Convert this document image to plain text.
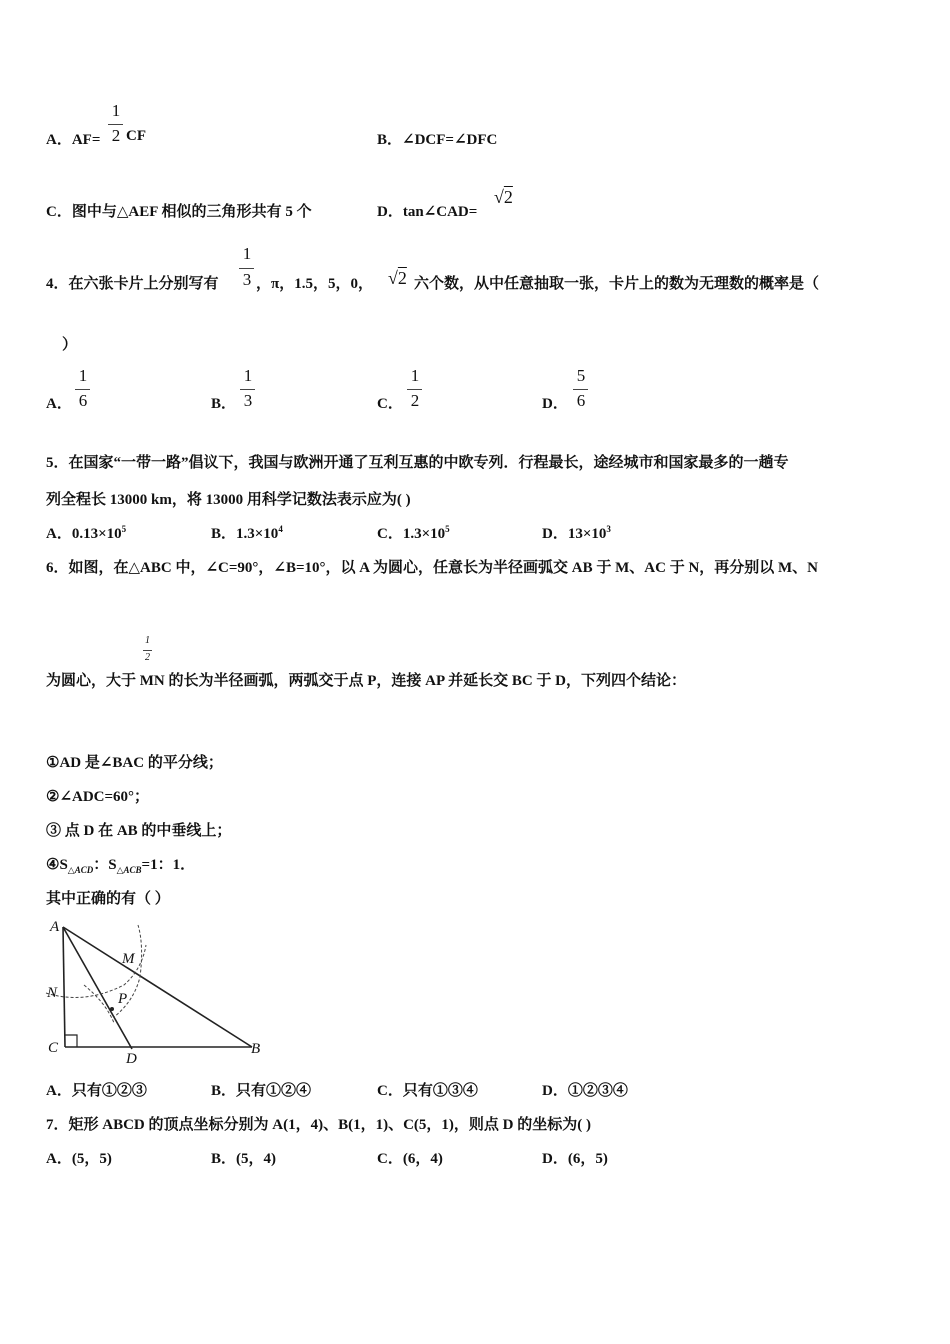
A．AF=
1
2 CF	B．∠DCF=∠DFC
C．图中与△AEF 相似的三角形共有 5 个	D．tan∠CAD=
√2
4．在六张卡片上分别写有
1
3 ，π，1.5，5，0， √2 六个数，从中任意抽取一张，卡片上的数为无理数的概率是（
）
A．
1
6	B．
1
3	C．
1
2	D．
5
6
5．在国家“一带一路”倡议下，我国与欧洲开通了互利互惠的中欧专列．行程最长，途经城市和国家最多的一趟专
列全程长 13000 km，将 13000 用科学记数法表示应为( )
A．$0.13\times 10^5$	B．$1.3\times 10^4$	C．$1.3\times 10^5$	D．$13\times 10^3$
6．如图，在△ABC 中，∠C=90°，∠B=10°，以 A 为圆心，任意长为半径画弧交 AB 于 M、AC 于 N，再分别以 M、N
1
2
为圆心，大于 MN 的长为半径画弧，两弧交于点 P，连接 AP 并延长交 BC 于 D，下列四个结论：
①AD 是∠BAC 的平分线；
②∠ADC=60°；
③ 点 D 在 AB 的中垂线上；
$④S_{\triangle ACD}$：$S_{\triangle ACB}=1$：1．
其中正确的有（ ）
A
C
D
B
M
N	P
A．只有①②③	B．只有①②④	C．只有①③④	D．①②③④
7．矩形 ABCD 的顶点坐标分别为 A(1，4)、B(1，1)、C(5，1)，则点 D 的坐标为( )
A．(5，5)	B．(5，4)	C．(6，4)	D．(6，5)
